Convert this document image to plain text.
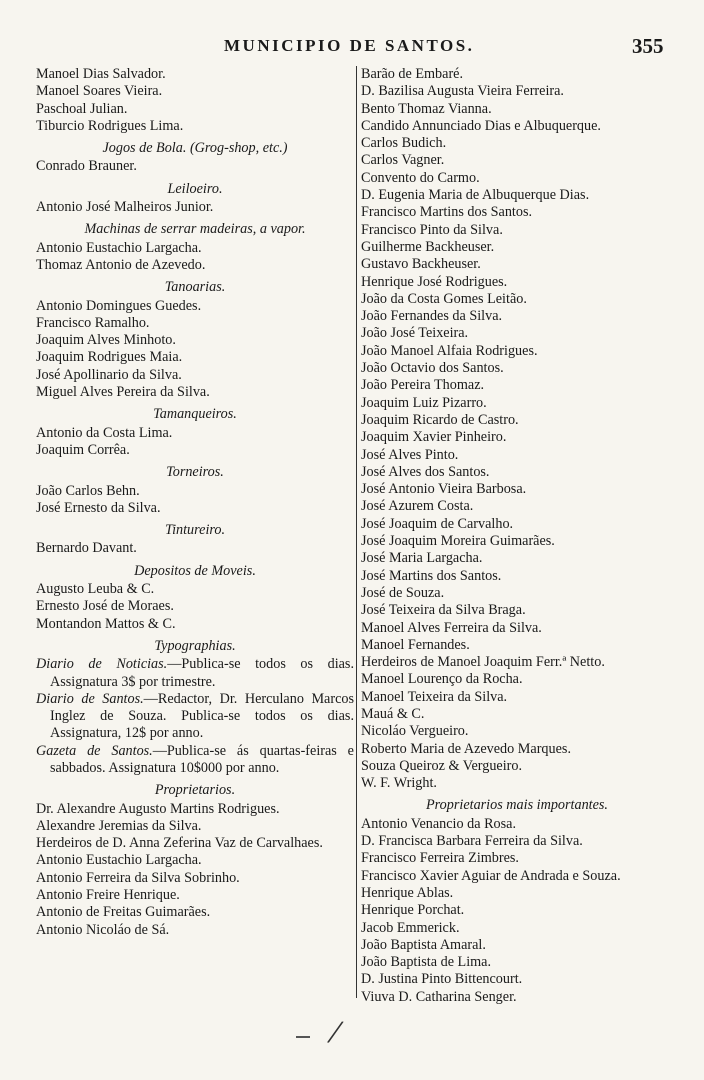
MUNICIPIO DE SANTOS.	355
Manoel Dias Salvador.
Manoel Soares Vieira.
Paschoal Julian.
Tiburcio Rodrigues Lima.
Jogos de Bola. (Grog-shop, etc.)
Conrado Brauner.
Leiloeiro.
Antonio José Malheiros Junior.
Machinas de serrar madeiras, a vapor.
Antonio Eustachio Largacha.
Thomaz Antonio de Azevedo.
Tanoarias.
Antonio Domingues Guedes.
Francisco Ramalho.
Joaquim Alves Minhoto.
Joaquim Rodrigues Maia.
José Apollinario da Silva.
Miguel Alves Pereira da Silva.
Tamanqueiros.
Antonio da Costa Lima.
Joaquim Corrêa.
Torneiros.
João Carlos Behn.
José Ernesto da Silva.
Tintureiro.
Bernardo Davant.
Depositos de Moveis.
Augusto Leuba & C.
Ernesto José de Moraes.
Montandon Mattos & C.
Typographias.
Diario de Noticias.—Publica-se todos os dias. Assignatura 3$ por trimestre.
Diario de Santos.—Redactor, Dr. Herculano Marcos Inglez de Souza. Publica-se todos os dias. Assignatura, 12$ por anno.
Gazeta de Santos.—Publica-se ás quartas-feiras e sabbados. Assignatura 10$000 por anno.
Proprietarios.
Dr. Alexandre Augusto Martins Rodrigues.
Alexandre Jeremias da Silva.
Herdeiros de D. Anna Zeferina Vaz de Carvalhaes.
Antonio Eustachio Largacha.
Antonio Ferreira da Silva Sobrinho.
Antonio Freire Henrique.
Antonio de Freitas Guimarães.
Antonio Nicoláo de Sá.
Barão de Embaré.
D. Bazilisa Augusta Vieira Ferreira.
Bento Thomaz Vianna.
Candido Annunciado Dias e Albuquerque.
Carlos Budich.
Carlos Vagner.
Convento do Carmo.
D. Eugenia Maria de Albuquerque Dias.
Francisco Martins dos Santos.
Francisco Pinto da Silva.
Guilherme Backheuser.
Gustavo Backheuser.
Henrique José Rodrigues.
João da Costa Gomes Leitão.
João Fernandes da Silva.
João José Teixeira.
João Manoel Alfaia Rodrigues.
João Octavio dos Santos.
João Pereira Thomaz.
Joaquim Luiz Pizarro.
Joaquim Ricardo de Castro.
Joaquim Xavier Pinheiro.
José Alves Pinto.
José Alves dos Santos.
José Antonio Vieira Barbosa.
José Azurem Costa.
José Joaquim de Carvalho.
José Joaquim Moreira Guimarães.
José Maria Largacha.
José Martins dos Santos.
José de Souza.
José Teixeira da Silva Braga.
Manoel Alves Ferreira da Silva.
Manoel Fernandes.
Herdeiros de Manoel Joaquim Ferr.ª Netto.
Manoel Lourenço da Rocha.
Manoel Teixeira da Silva.
Mauá & C.
Nicoláo Vergueiro.
Roberto Maria de Azevedo Marques.
Souza Queiroz & Vergueiro.
W. F. Wright.
Proprietarios mais importantes.
Antonio Venancio da Rosa.
D. Francisca Barbara Ferreira da Silva.
Francisco Ferreira Zimbres.
Francisco Xavier Aguiar de Andrada e Souza.
Henrique Ablas.
Henrique Porchat.
Jacob Emmerick.
João Baptista Amaral.
João Baptista de Lima.
D. Justina Pinto Bittencourt.
Viuva D. Catharina Senger.
/
